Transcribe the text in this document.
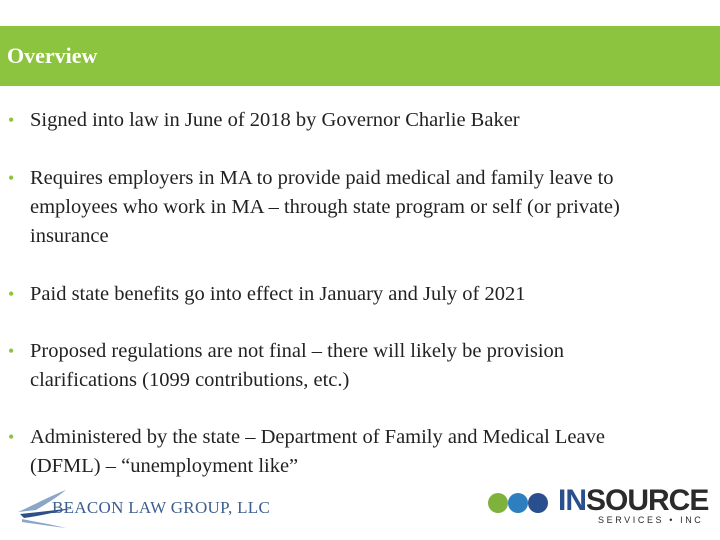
Overview
• Signed into law in June of 2018 by Governor Charlie Baker
• Requires employers in MA to provide paid medical and family leave to employees who work in MA – through state program or self (or private) insurance
• Paid state benefits go into effect in January and July of 2021
• Proposed regulations are not final – there will likely be provision clarifications (1099 contributions, etc.)
• Administered by the state – Department of Family and Medical Leave (DFML) – “unemployment like”
BEACON LAW GROUP, LLC	INSOURCE
SERVICES • INC
